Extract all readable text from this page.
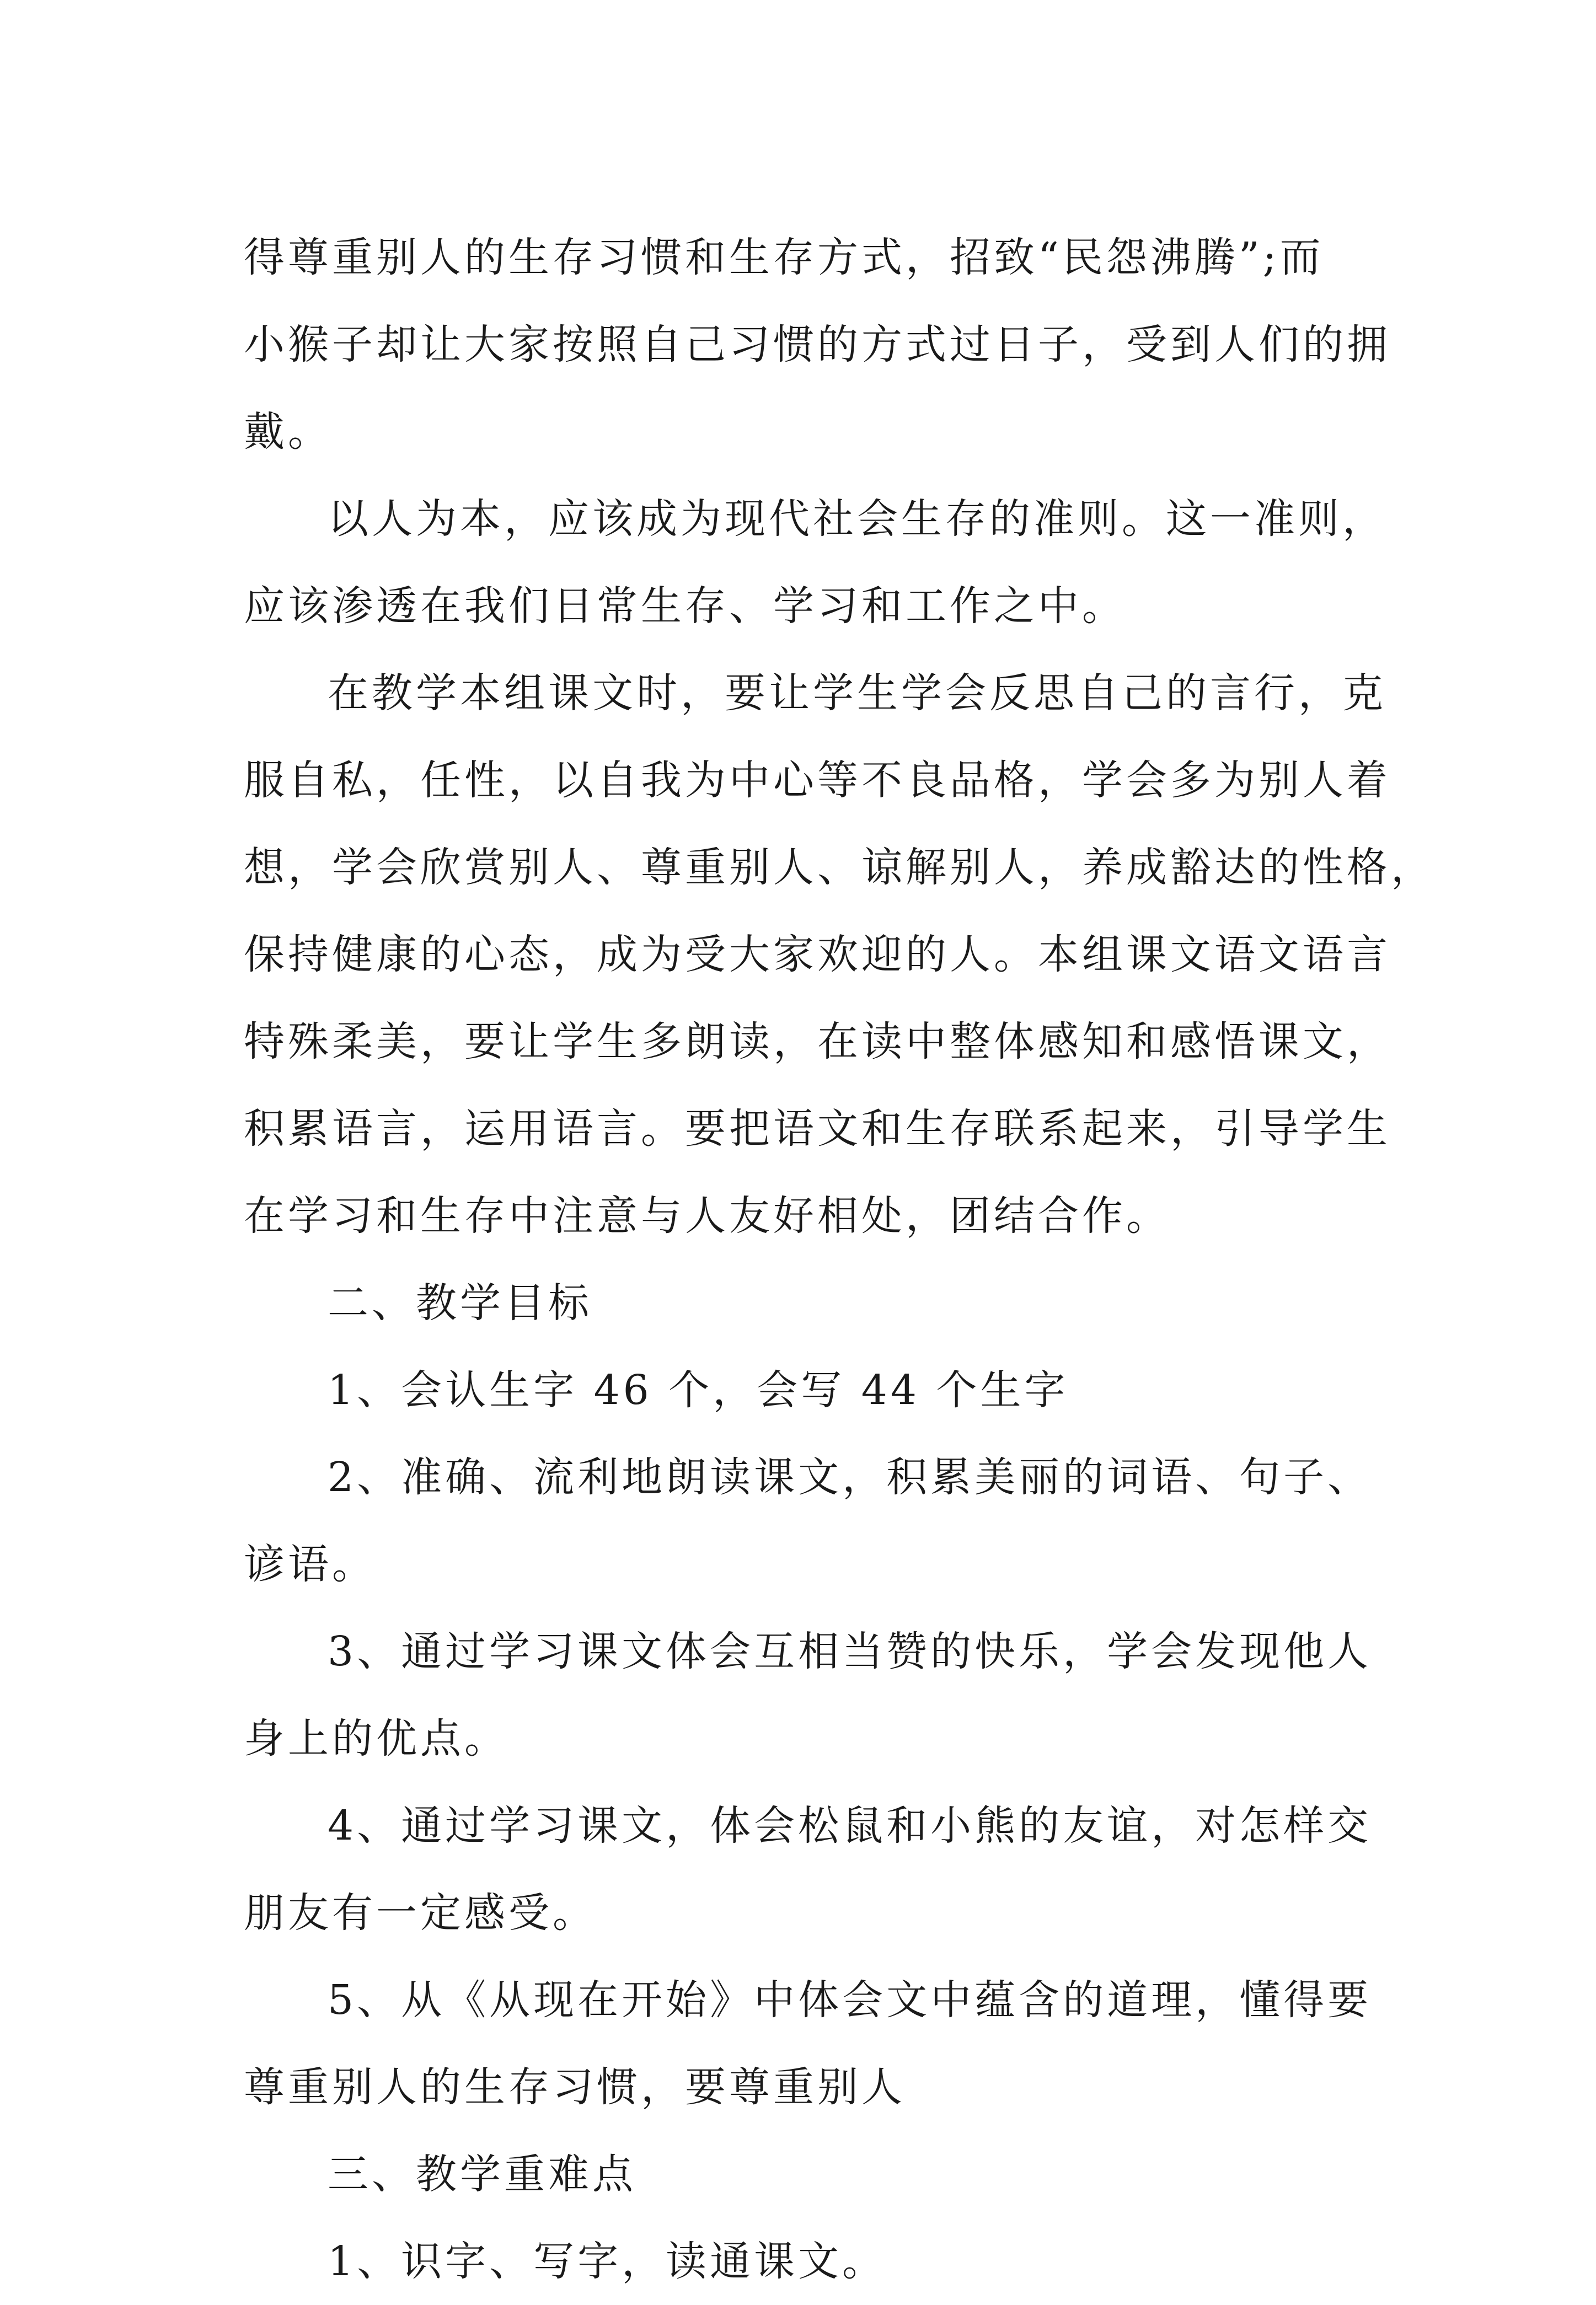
得尊重别人的生存习惯和生存方式，招致“民怨沸腾”;而
小猴子却让大家按照自己习惯的方式过日子，受到人们的拥
戴。
以人为本，应该成为现代社会生存的准则。这一准则，
应该渗透在我们日常生存、学习和工作之中。
在教学本组课文时，要让学生学会反思自己的言行，克
服自私，任性，以自我为中心等不良品格，学会多为别人着
想，学会欣赏别人、尊重别人、谅解别人，养成豁达的性格，
保持健康的心态，成为受大家欢迎的人。本组课文语文语言
特殊柔美，要让学生多朗读，在读中整体感知和感悟课文，
积累语言，运用语言。要把语文和生存联系起来，引导学生
在学习和生存中注意与人友好相处，团结合作。
二、教学目标
1、会认生字 46 个，会写 44 个生字
2、准确、流利地朗读课文，积累美丽的词语、句子、
谚语。
3、通过学习课文体会互相当赞的快乐，学会发现他人
身上的优点。
4、通过学习课文，体会松鼠和小熊的友谊，对怎样交
朋友有一定感受。
5、从《从现在开始》中体会文中蕴含的道理，懂得要
尊重别人的生存习惯，要尊重别人
三、教学重难点
1、识字、写字，读通课文。
